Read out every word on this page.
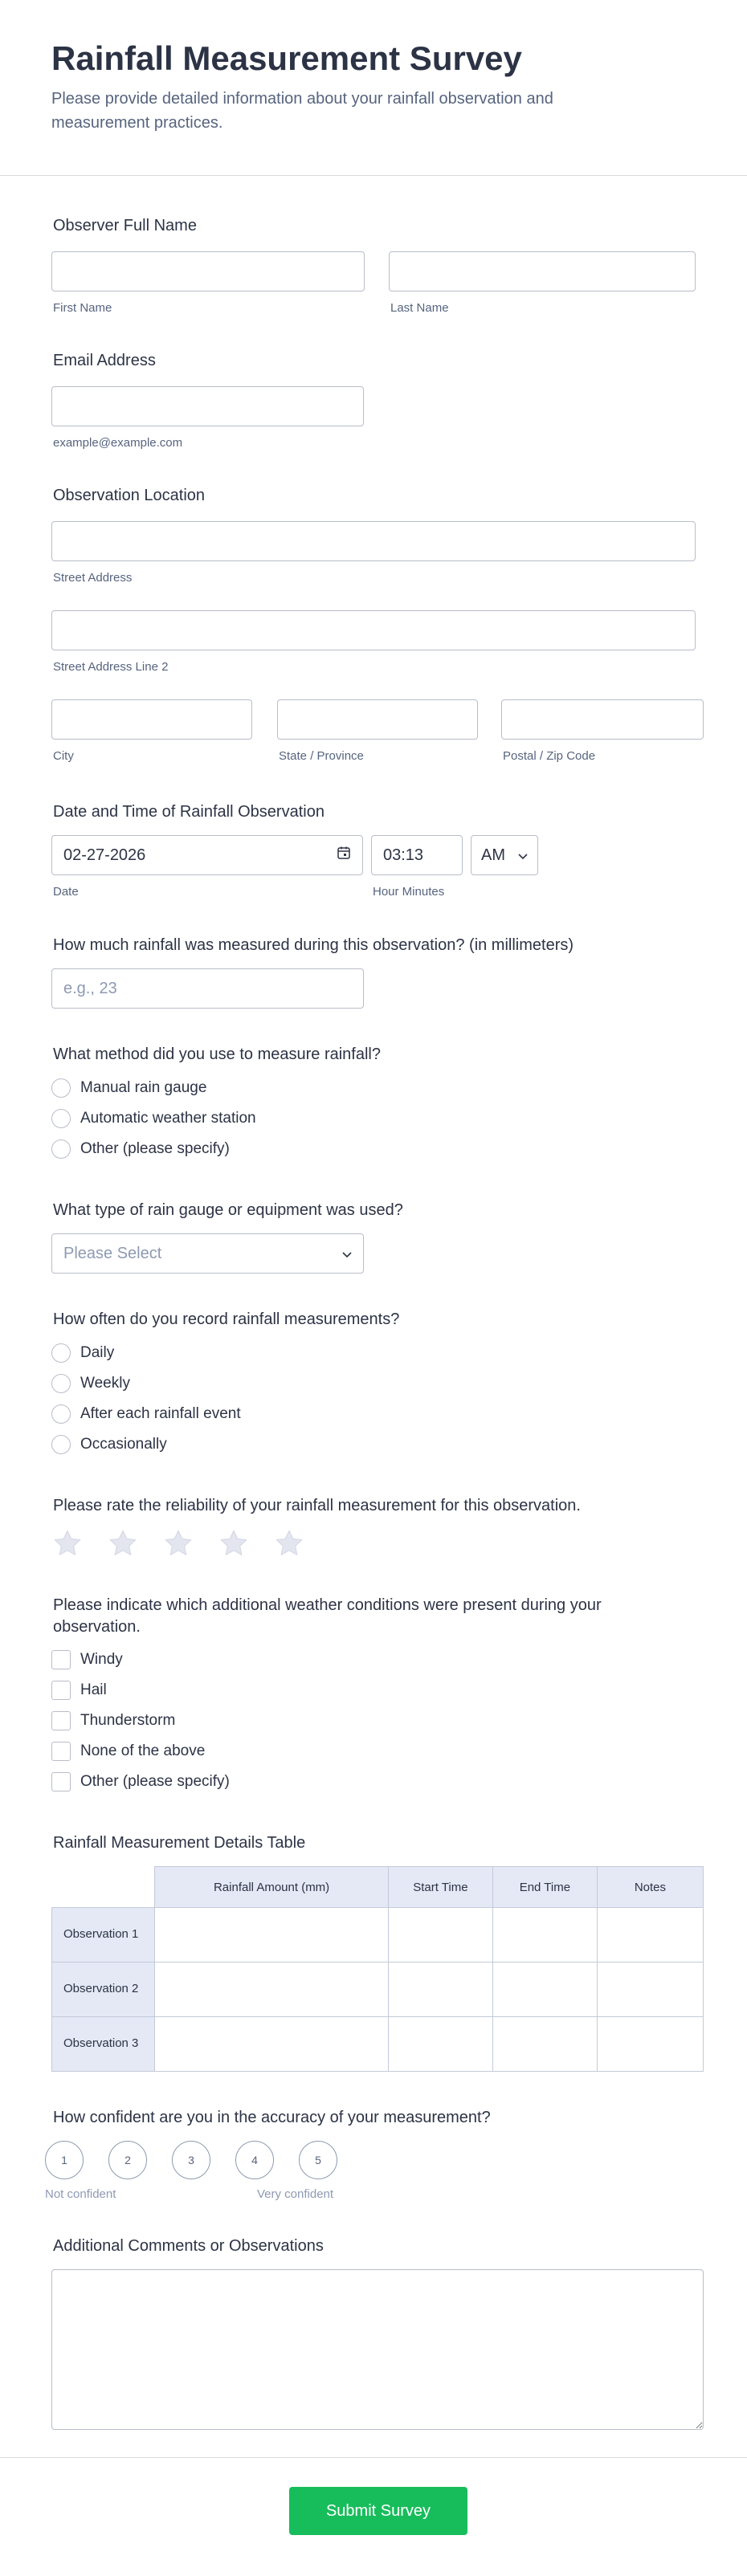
Rainfall Measurement Survey
Please provide detailed information about your rainfall observation and measurement practices.
Observer Full Name
First Name	Last Name
Email Address
example@example.com
Observation Location
Street Address
Street Address Line 2
City	State / Province	Postal / Zip Code
Date and Time of Rainfall Observation
02-27-2026
Date
03:13	AM
Hour Minutes
How much rainfall was measured during this observation? (in millimeters)
e.g., 23
What method did you use to measure rainfall?
Manual rain gauge
Automatic weather station
Other (please specify)
What type of rain gauge or equipment was used?
Please Select
How often do you record rainfall measurements?
Daily
Weekly
After each rainfall event
Occasionally
Please rate the reliability of your rainfall measurement for this observation.
Please indicate which additional weather conditions were present during your observation.
Windy
Hail
Thunderstorm
None of the above
Other (please specify)
Rainfall Measurement Details Table
	Rainfall Amount (mm)	Start Time	End Time	Notes
Observation 1				
Observation 2				
Observation 3				
How confident are you in the accuracy of your measurement?
1	2	3	4	5
Not confident	Very confident
Additional Comments or Observations
Submit Survey
